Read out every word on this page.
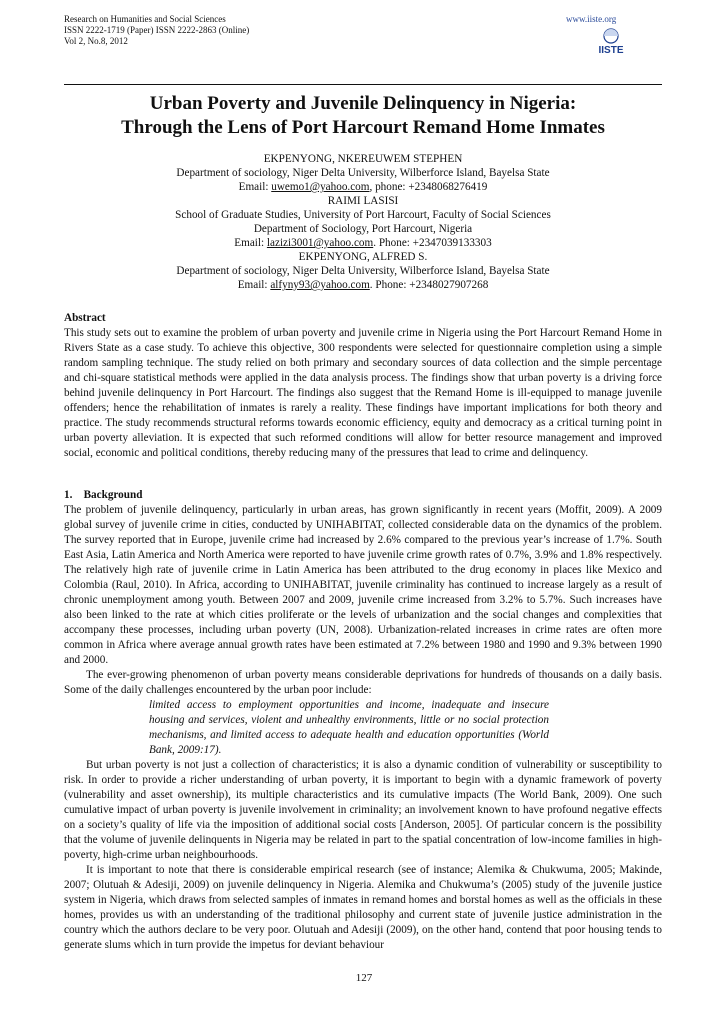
Research on Humanities and Social Sciences
ISSN 2222-1719 (Paper) ISSN 2222-2863 (Online)
Vol 2, No.8, 2012
www.iiste.org
IISTE
Urban Poverty and Juvenile Delinquency in Nigeria:
Through the Lens of Port Harcourt Remand Home Inmates
EKPENYONG, NKEREUWEM STEPHEN
Department of sociology, Niger Delta University, Wilberforce Island, Bayelsa State
Email: uwemo1@yahoo.com, phone: +2348068276419
RAIMI LASISI
School of Graduate Studies, University of Port Harcourt, Faculty of Social Sciences
Department of Sociology, Port Harcourt, Nigeria
Email: lazizi3001@yahoo.com. Phone: +2347039133303
EKPENYONG, ALFRED S.
Department of sociology, Niger Delta University, Wilberforce Island, Bayelsa State
Email: alfyny93@yahoo.com. Phone: +2348027907268

Abstract

This study sets out to examine the problem of urban poverty and juvenile crime in Nigeria using the Port Harcourt Remand Home in Rivers State as a case study. To achieve this objective, 300 respondents were selected for questionnaire completion using a simple random sampling technique. The study relied on both primary and secondary sources of data collection and the simple percentage and chi-square statistical methods were applied in the data analysis process. The findings show that urban poverty is a driving force behind juvenile delinquency in Port Harcourt. The findings also suggest that the Remand Home is ill-equipped to manage juvenile offenders; hence the rehabilitation of inmates is rarely a reality. These findings have important implications for both theory and practice. The study recommends structural reforms towards economic efficiency, equity and democracy as a critical turning point in urban poverty alleviation. It is expected that such reformed conditions will allow for better resource management and improved social, economic and political conditions, thereby reducing many of the pressures that lead to crime and delinquency.

1.    Background

The problem of juvenile delinquency, particularly in urban areas, has grown significantly in recent years (Moffit, 2009). A 2009 global survey of juvenile crime in cities, conducted by UNIHABITAT, collected considerable data on the dynamics of the problem. The survey reported that in Europe, juvenile crime had increased by 2.6% compared to the previous year’s increase of 1.7%. South East Asia, Latin America and North America were reported to have juvenile crime growth rates of 0.7%, 3.9% and 1.8% respectively. The relatively high rate of juvenile crime in Latin America has been attributed to the drug economy in places like Mexico and Colombia (Raul, 2010). In Africa, according to UNIHABITAT, juvenile criminality has continued to increase largely as a result of chronic unemployment among youth. Between 2007 and 2009, juvenile crime increased from 3.2% to 5.7%. Such increases have also been linked to the rate at which cities proliferate or the levels of urbanization and the social changes and complexities that accompany these processes, including urban poverty (UN, 2008). Urbanization-related increases in crime rates are often more common in Africa where average annual growth rates have been estimated at 7.2% between 1980 and 1990 and 9.3% between 1990 and 2000.

The ever-growing phenomenon of urban poverty means considerable deprivations for hundreds of thousands on a daily basis. Some of the daily challenges encountered by the urban poor include:

limited access to employment opportunities and income, inadequate and insecure housing and services, violent and unhealthy environments, little or no social protection mechanisms, and limited access to adequate health and education opportunities (World Bank, 2009:17).

But urban poverty is not just a collection of characteristics; it is also a dynamic condition of vulnerability or susceptibility to risk. In order to provide a richer understanding of urban poverty, it is important to begin with a dynamic framework of poverty (vulnerability and asset ownership), its multiple characteristics and its cumulative impacts (The World Bank, 2009). One such cumulative impact of urban poverty is juvenile involvement in criminality; an involvement known to have profound negative effects on a society’s quality of life via the imposition of additional social costs [Anderson, 2005]. Of particular concern is the possibility that the volume of juvenile delinquents in Nigeria may be related in part to the spatial concentration of low-income families in high-poverty, high-crime urban neighbourhoods.

It is important to note that there is considerable empirical research (see of instance; Alemika & Chukwuma, 2005; Makinde, 2007; Olutuah & Adesiji, 2009) on juvenile delinquency in Nigeria. Alemika and Chukwuma’s (2005) study of the juvenile justice system in Nigeria, which draws from selected samples of inmates in remand homes and borstal homes as well as the officials in these homes, provides us with an understanding of the traditional philosophy and current state of juvenile justice administration in the country which the authors declare to be very poor. Olutuah and Adesiji (2009), on the other hand, contend that poor housing tends to generate slums which in turn provide the impetus for deviant behaviour

127
